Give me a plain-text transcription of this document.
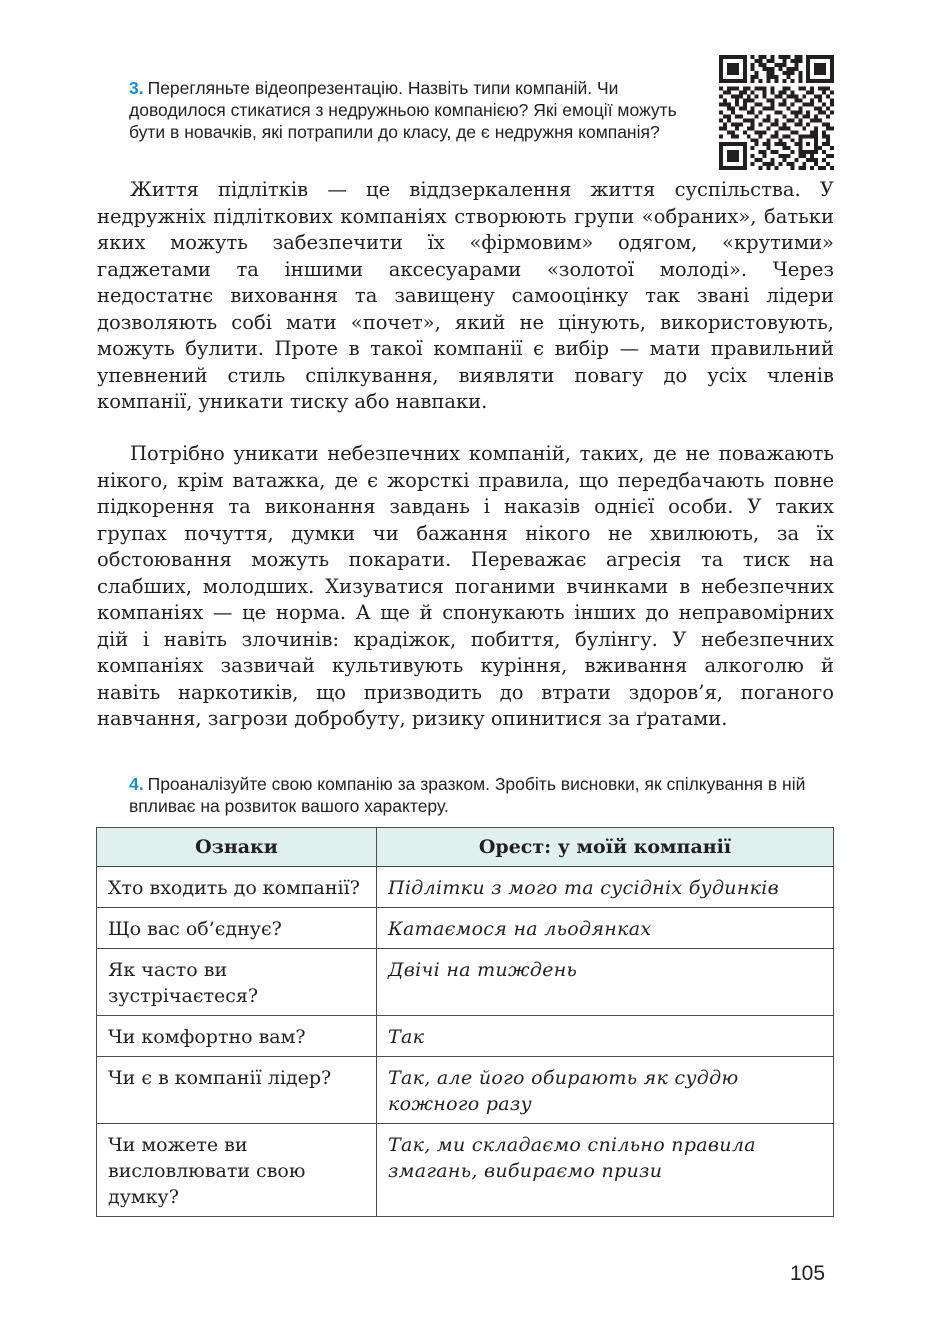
3. Перегляньте відеопрезентацію. Назвіть типи компаній. Чи доводилося стикатися з недружньою компанією? Які емоції можуть бути в новачків, які потрапили до класу, де є недружня компанія?

Життя підлітків — це віддзеркалення життя суспільства. У недружніх підліткових компаніях створюють групи «обраних», батьки яких можуть забезпечити їх «фірмовим» одягом, «крутими» гаджетами та іншими аксесуарами «золотої молоді». Через недостатнє виховання та завищену самооцінку так звані лідери дозволяють собі мати «почет», який не цінують, використовують, можуть булити. Проте в такої компанії є вибір — мати правильний упевнений стиль спілкування, виявляти повагу до усіх членів компанії, уникати тиску або навпаки.

Потрібно уникати небезпечних компаній, таких, де не поважають нікого, крім ватажка, де є жорсткі правила, що передбачають повне підкорення та виконання завдань і наказів однієї особи. У таких групах почуття, думки чи бажання нікого не хвилюють, за їх обстоювання можуть покарати. Переважає агресія та тиск на слабших, молодших. Хизуватися поганими вчинками в небезпечних компаніях — це норма. А ще й спонукають інших до неправомірних дій і навіть злочинів: крадіжок, побиття, булінгу. У небезпечних компаніях зазвичай культивують куріння, вживання алкоголю й навіть наркотиків, що призводить до втрати здоров’я, поганого навчання, загрози добробуту, ризику опинитися за ґратами.

4. Проаналізуйте свою компанію за зразком. Зробіть висновки, як спілкування в ній впливає на розвиток вашого характеру.
Ознаки	Орест: у моїй компанії
Хто входить до компанії?	Підлітки з мого та сусідніх будинків
Що вас об’єднує?	Катаємося на льодянках
Як часто ви зустрічаєтеся?	Двічі на тиждень
Чи комфортно вам?	Так
Чи є в компанії лідер?	Так, але його обирають як суддю кожного разу
Чи можете ви висловлювати свою думку?	Так, ми складаємо спільно правила змагань, вибираємо призи
105
